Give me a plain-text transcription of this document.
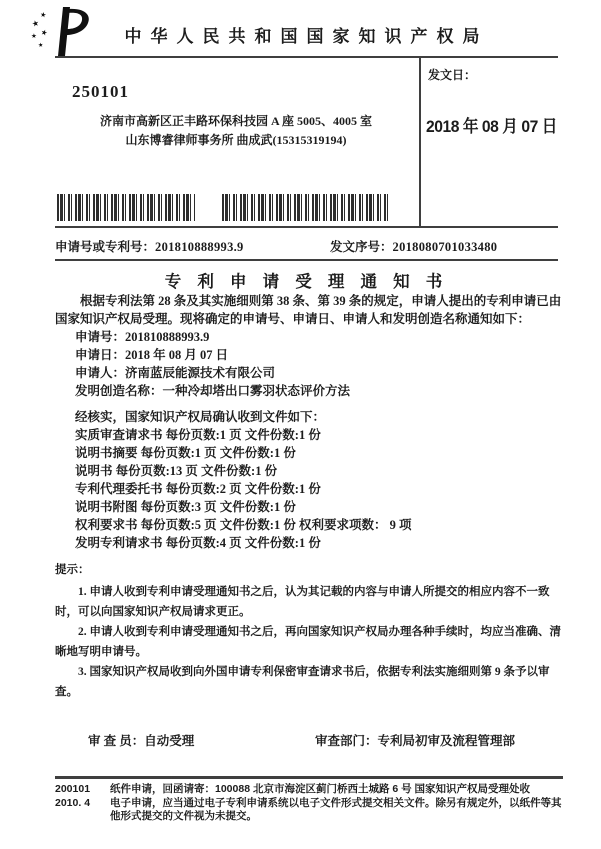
★
★
★ ★
★	中华人民共和国国家知识产权局
250101
济南市高新区正丰路环保科技园 A 座 5005、4005 室
山东博睿律师事务所 曲成武(15315319194)
发文日：
2018 年 08 月 07 日
申请号或专利号：201810888993.9	发文序号：2018080701033480
专 利 申 请 受 理 通 知 书
根据专利法第 28 条及其实施细则第 38 条、第 39 条的规定，申请人提出的专利申请已由国家知识产权局受理。现将确定的申请号、申请日、申请人和发明创造名称通知如下：
申请号：201810888993.9
申请日：2018 年 08 月 07 日
申请人：济南蓝辰能源技术有限公司
发明创造名称：一种冷却塔出口雾羽状态评价方法
经核实，国家知识产权局确认收到文件如下：
实质审查请求书 每份页数:1 页 文件份数:1 份
说明书摘要 每份页数:1 页 文件份数:1 份
说明书 每份页数:13 页 文件份数:1 份
专利代理委托书 每份页数:2 页 文件份数:1 份
说明书附图 每份页数:3 页 文件份数:1 份
权利要求书 每份页数:5 页 文件份数:1 份 权利要求项数： 9 项
发明专利请求书 每份页数:4 页 文件份数:1 份
提示：
1. 申请人收到专利申请受理通知书之后，认为其记载的内容与申请人所提交的相应内容不一致时，可以向国家知识产权局请求更正。
2. 申请人收到专利申请受理通知书之后，再向国家知识产权局办理各种手续时，均应当准确、清晰地写明申请号。
3. 国家知识产权局收到向外国申请专利保密审查请求书后，依据专利法实施细则第 9 条予以审查。
审 查 员：自动受理	审查部门：专利局初审及流程管理部
200101	纸件申请，回函请寄：100088 北京市海淀区蓟门桥西土城路 6 号 国家知识产权局受理处收
2010. 4	电子申请，应当通过电子专利申请系统以电子文件形式提交相关文件。除另有规定外，以纸件等其他形式提交的文件视为未提交。
